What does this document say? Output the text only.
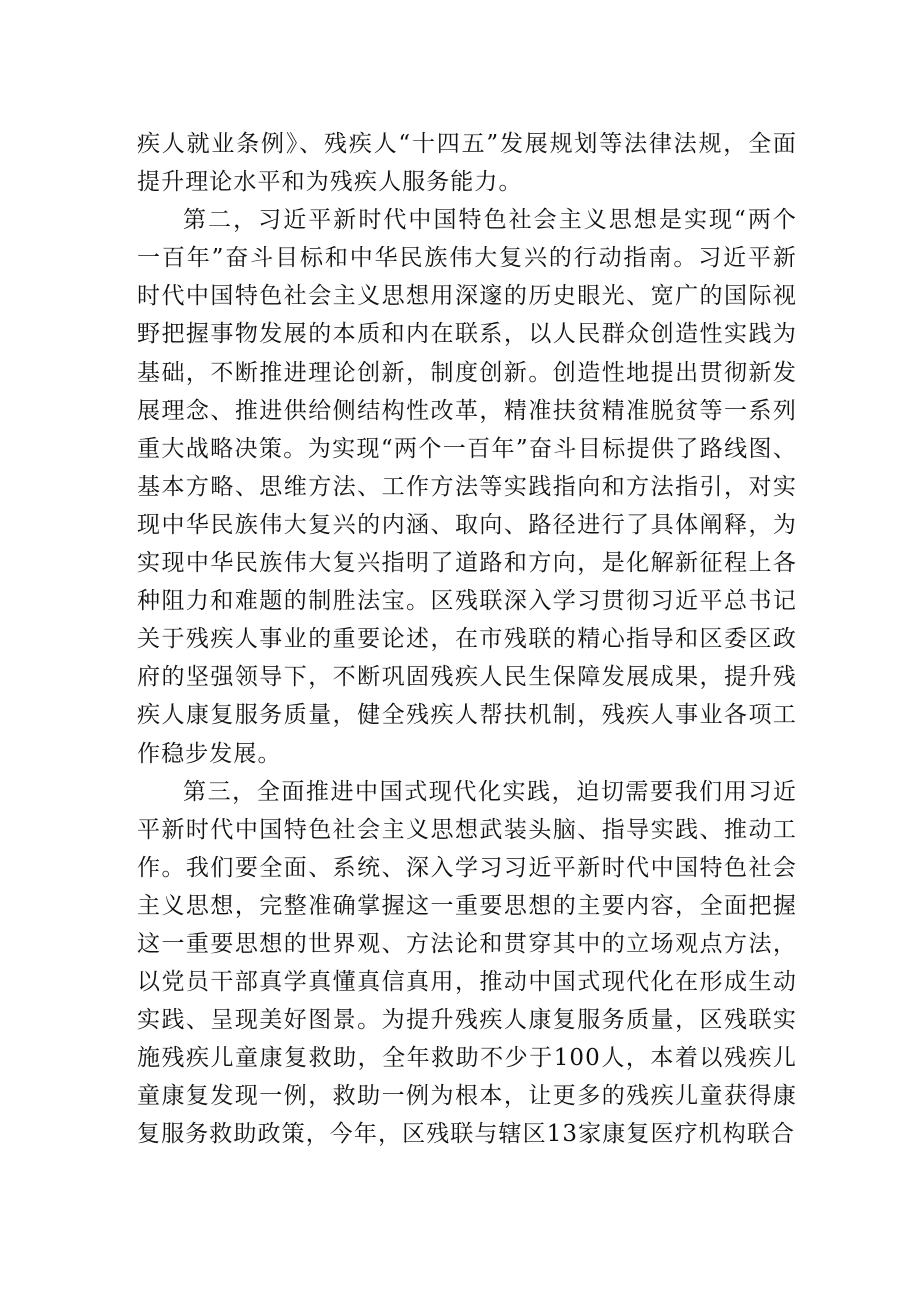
疾人就业条例》、残疾人“十四五”发展规划等法律法规，全面提升理论水平和为残疾人服务能力。

第二，习近平新时代中国特色社会主义思想是实现“两个一百年”奋斗目标和中华民族伟大复兴的行动指南。习近平新时代中国特色社会主义思想用深邃的历史眼光、宽广的国际视野把握事物发展的本质和内在联系，以人民群众创造性实践为基础，不断推进理论创新，制度创新。创造性地提出贯彻新发展理念、推进供给侧结构性改革，精准扶贫精准脱贫等一系列重大战略决策。为实现“两个一百年”奋斗目标提供了路线图、基本方略、思维方法、工作方法等实践指向和方法指引，对实现中华民族伟大复兴的内涵、取向、路径进行了具体阐释，为实现中华民族伟大复兴指明了道路和方向，是化解新征程上各种阻力和难题的制胜法宝。区残联深入学习贯彻习近平总书记关于残疾人事业的重要论述，在市残联的精心指导和区委区政府的坚强领导下，不断巩固残疾人民生保障发展成果，提升残疾人康复服务质量，健全残疾人帮扶机制，残疾人事业各项工作稳步发展。

第三，全面推进中国式现代化实践，迫切需要我们用习近平新时代中国特色社会主义思想武装头脑、指导实践、推动工作。我们要全面、系统、深入学习习近平新时代中国特色社会主义思想，完整准确掌握这一重要思想的主要内容，全面把握这一重要思想的世界观、方法论和贯穿其中的立场观点方法，以党员干部真学真懂真信真用，推动中国式现代化在形成生动实践、呈现美好图景。为提升残疾人康复服务质量，区残联实施残疾儿童康复救助，全年救助不少于100人，本着以残疾儿童康复发现一例，救助一例为根本，让更多的残疾儿童获得康复服务救助政策，今年，区残联与辖区13家康复医疗机构联合
